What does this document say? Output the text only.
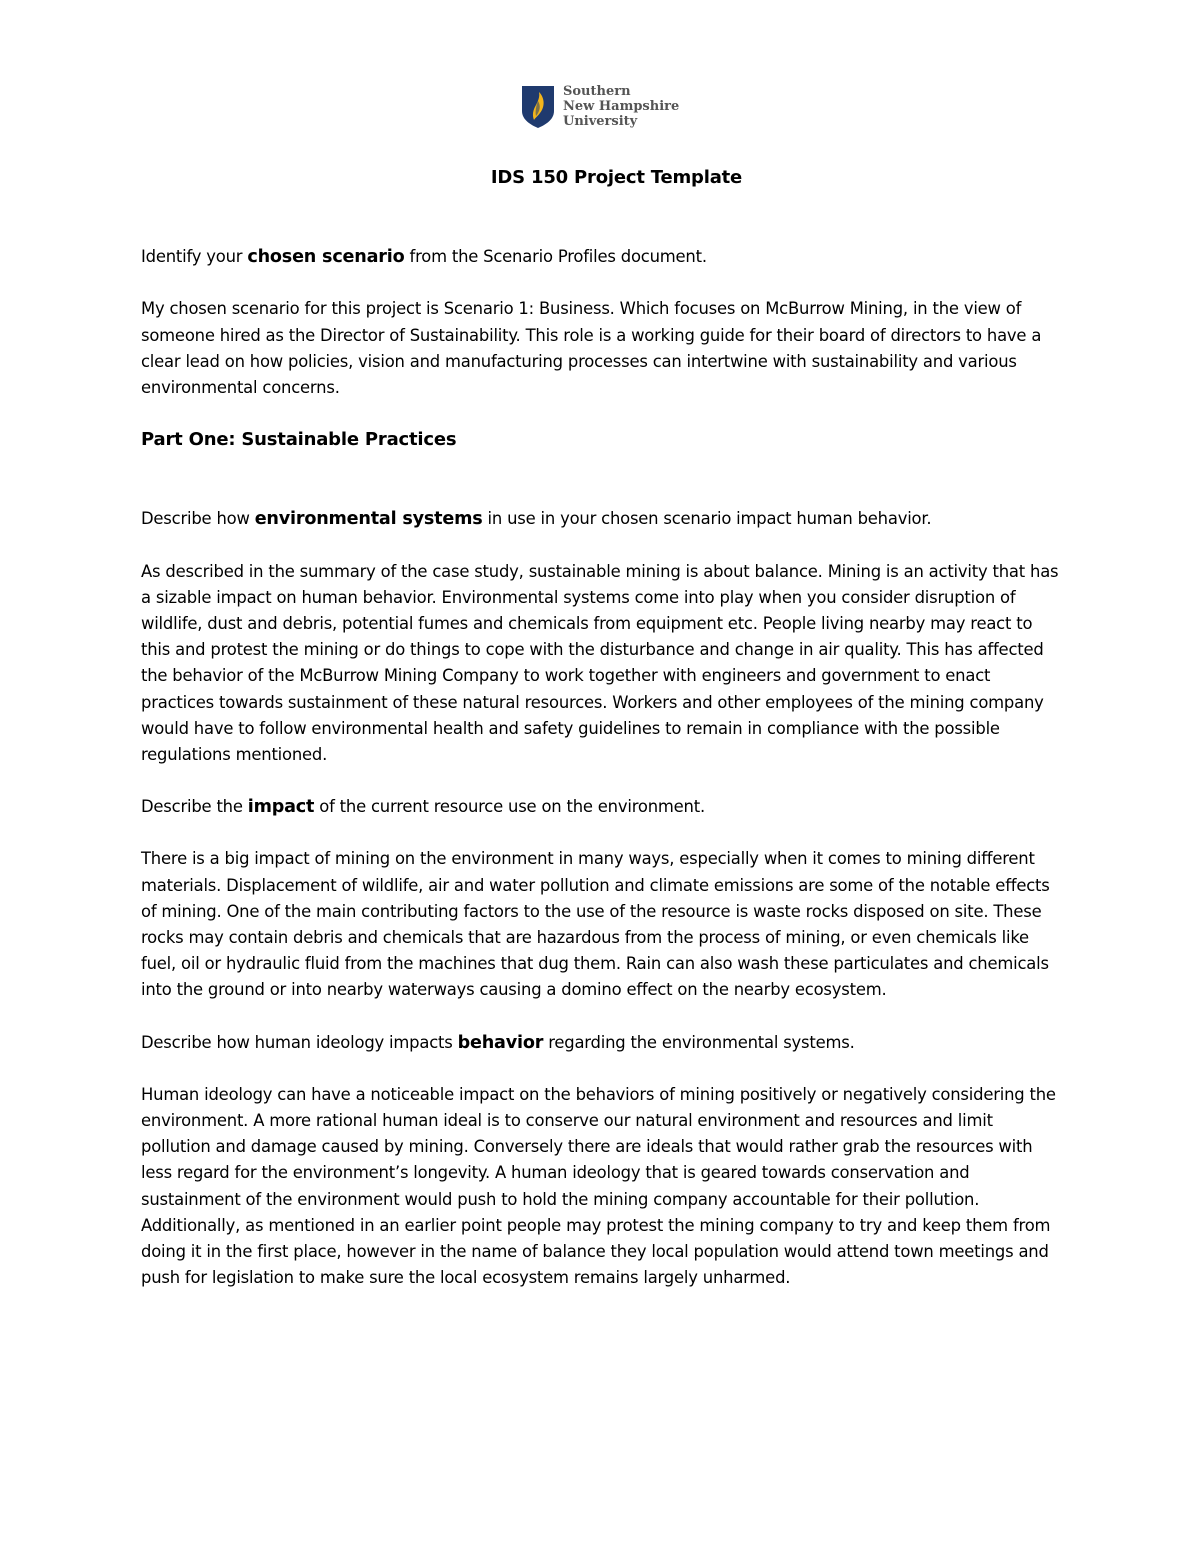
Southern
New Hampshire
University
IDS 150 Project Template

Identify your chosen scenario from the Scenario Profiles document.

My chosen scenario for this project is Scenario 1: Business. Which focuses on McBurrow Mining, in the view of someone hired as the Director of Sustainability. This role is a working guide for their board of directors to have a clear lead on how policies, vision and manufacturing processes can intertwine with sustainability and various environmental concerns.

Part One: Sustainable Practices

Describe how environmental systems in use in your chosen scenario impact human behavior.

As described in the summary of the case study, sustainable mining is about balance. Mining is an activity that has a sizable impact on human behavior. Environmental systems come into play when you consider disruption of wildlife, dust and debris, potential fumes and chemicals from equipment etc. People living nearby may react to this and protest the mining or do things to cope with the disturbance and change in air quality. This has affected the behavior of the McBurrow Mining Company to work together with engineers and government to enact practices towards sustainment of these natural resources. Workers and other employees of the mining company would have to follow environmental health and safety guidelines to remain in compliance with the possible regulations mentioned.

Describe the impact of the current resource use on the environment.

There is a big impact of mining on the environment in many ways, especially when it comes to mining different materials. Displacement of wildlife, air and water pollution and climate emissions are some of the notable effects of mining. One of the main contributing factors to the use of the resource is waste rocks disposed on site. These rocks may contain debris and chemicals that are hazardous from the process of mining, or even chemicals like fuel, oil or hydraulic fluid from the machines that dug them. Rain can also wash these particulates and chemicals into the ground or into nearby waterways causing a domino effect on the nearby ecosystem.

Describe how human ideology impacts behavior regarding the environmental systems.

Human ideology can have a noticeable impact on the behaviors of mining positively or negatively considering the environment. A more rational human ideal is to conserve our natural environment and resources and limit pollution and damage caused by mining. Conversely there are ideals that would rather grab the resources with less regard for the environment’s longevity. A human ideology that is geared towards conservation and sustainment of the environment would push to hold the mining company accountable for their pollution. Additionally, as mentioned in an earlier point people may protest the mining company to try and keep them from doing it in the first place, however in the name of balance they local population would attend town meetings and push for legislation to make sure the local ecosystem remains largely unharmed.
